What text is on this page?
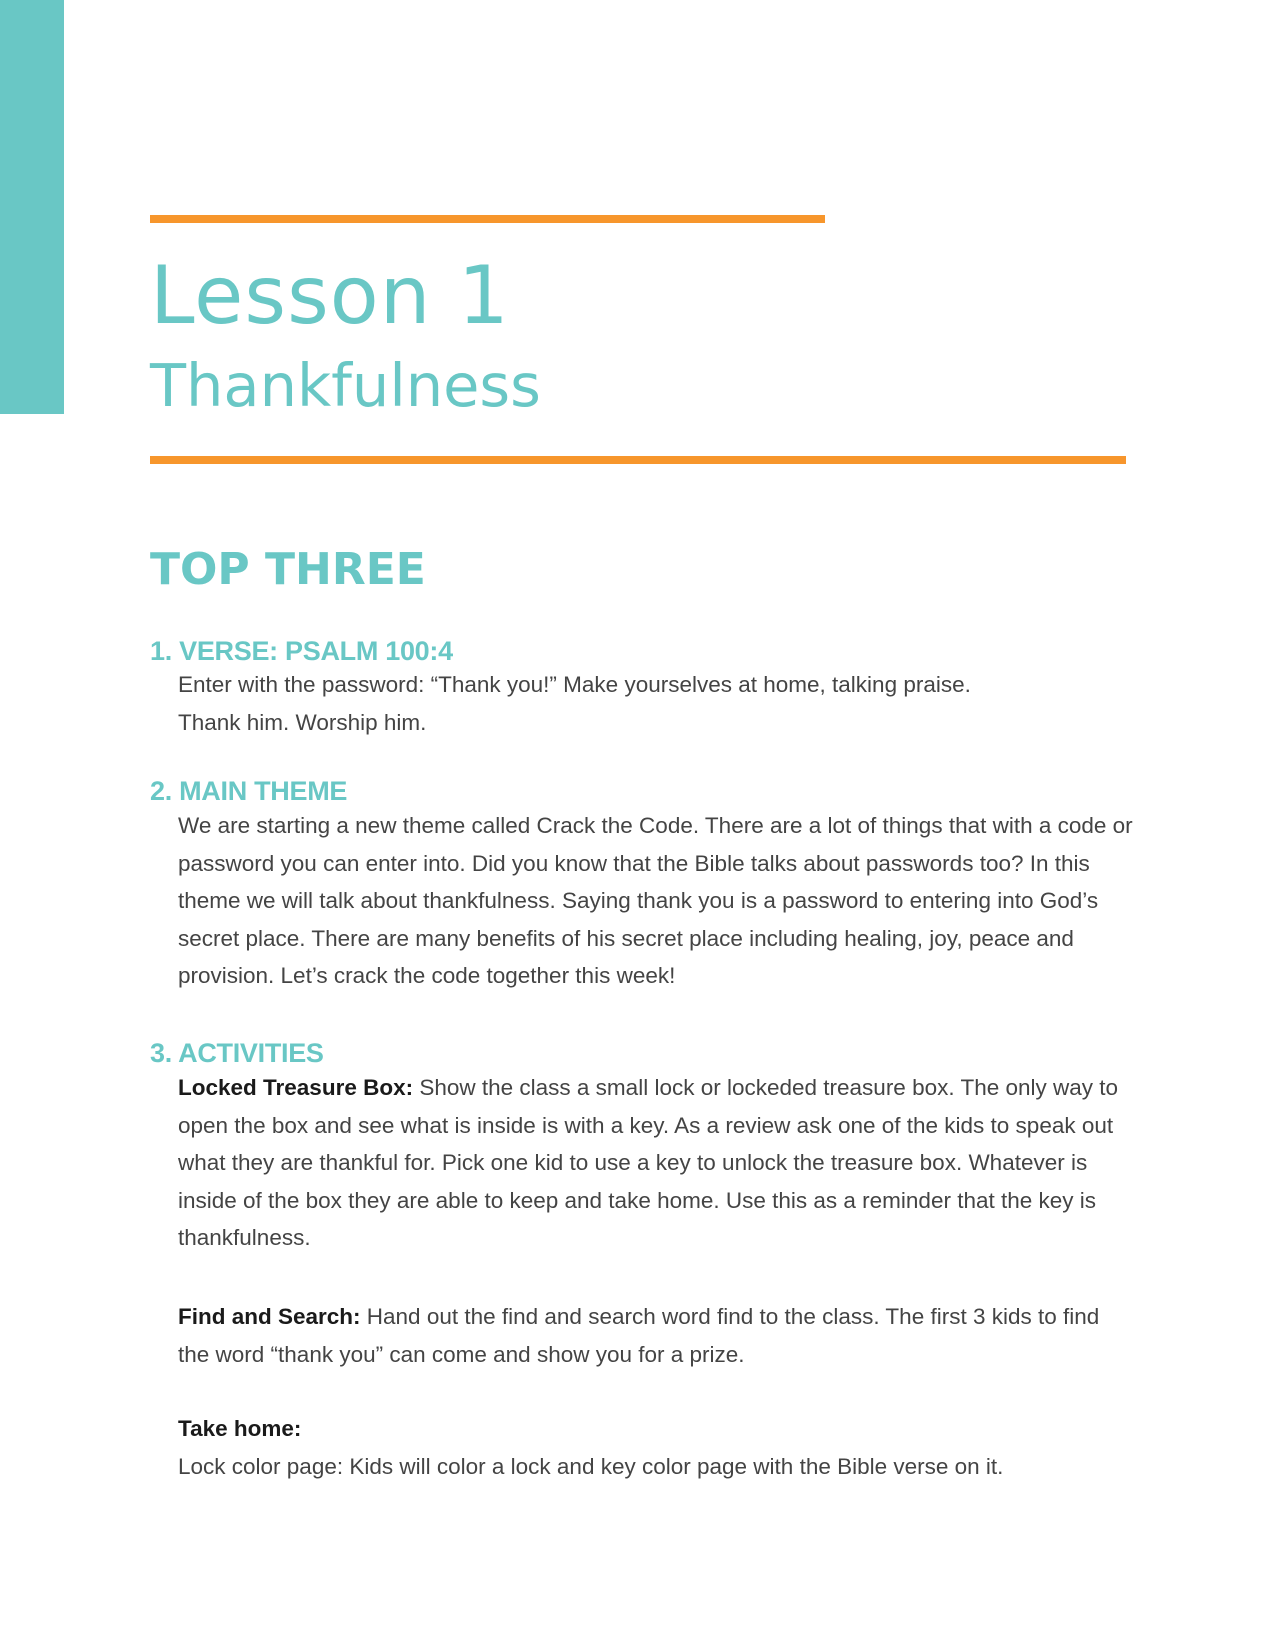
Lesson 1
Thankfulness
TOP THREE
1. VERSE: PSALM 100:4

Enter with the password: “Thank you!” Make yourselves at home, talking praise.
Thank him. Worship him.

2. MAIN THEME

We are starting a new theme called Crack the Code. There are a lot of things that with a code or password you can enter into. Did you know that the Bible talks about passwords too? In this theme we will talk about thankfulness. Saying thank you is a password to entering into God’s secret place. There are many benefits of his secret place including healing, joy, peace and provision. Let’s crack the code together this week!

3. ACTIVITIES

Locked Treasure Box: Show the class a small lock or lockeded treasure box. The only way to open the box and see what is inside is with a key. As a review ask one of the kids to speak out what they are thankful for. Pick one kid to use a key to unlock the treasure box. Whatever is inside of the box they are able to keep and take home. Use this as a reminder that the key is thankfulness.

Find and Search: Hand out the find and search word find to the class. The first 3 kids to find the word “thank you” can come and show you for a prize.

Take home:

Lock color page: Kids will color a lock and key color page with the Bible verse on it.
